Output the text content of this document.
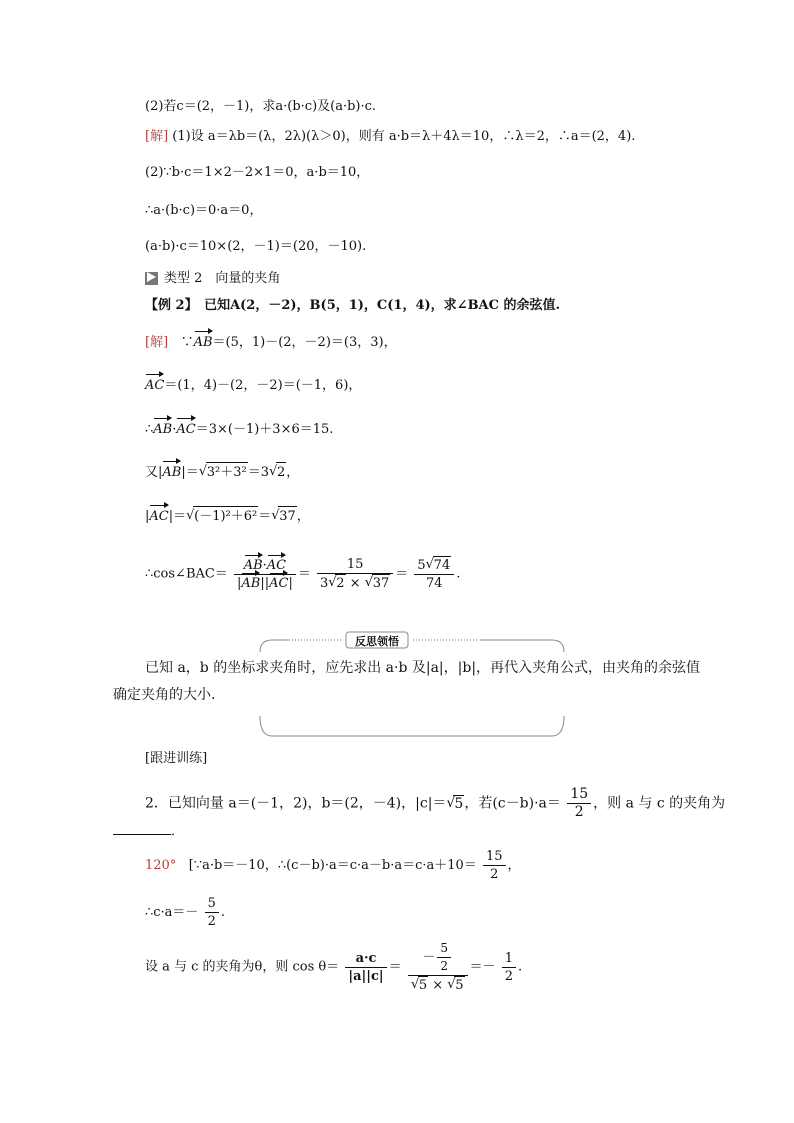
(2)若c＝(2，－1)，求a·(b·c)及(a·b)·c.
[解] (1)设 a＝λb＝(λ，2λ)(λ＞0)，则有 a·b＝λ＋4λ＝10，∴λ＝2，∴a＝(2，4).
(2)∵b·c＝1×2－2×1＝0，a·b＝10，
∴a·(b·c)＝0·a＝0，
(a·b)·c＝10×(2，－1)＝(20，－10).
类型 2　向量的夹角
【例 2】　已知A(2，－2)，B(5，1)，C(1，4)，求∠BAC 的余弦值.
[解] ∵AB＝(5，1)－(2，－2)＝(3，3)，
AC＝(1，4)－(2，－2)＝(－1，6)，
∴AB·AC＝3×(－1)＋3×6＝15.
又|AB|＝ √ 3²＋3²＝3 √ 2，
|AC|＝ √ (－1)²＋6²＝ √ 37，
∴cos∠BAC＝ $\frac{AB\cdot AC}{|AB||AC|} = \frac{15}{3 √ 2 \times √ 37} = \frac{5 √ 74}{74}$ .
反思领悟
已知 a，b 的坐标求夹角时，应先求出 a·b 及|a|，|b|，再代入夹角公式，由夹角的余弦值
确定夹角的大小.
[跟进训练]
2．已知向量 a＝(－1，2)，b＝(2，－4)，|c|＝ √ 5，若$(c-b)\cdot a= \frac{15}{2}$ ，则 a 与 c 的夹角为
．
120° [∵a·b＝－10，∴(c－b)·a＝c·a－b·a＝c·a＋10＝ $\frac{15}{2}$ ，
∴c·a＝－ $\frac{5}{2}$ .
设 a 与 c 的夹角为θ，则 $\cos \theta= \frac{a\cdot c}{|a||c|}$ ＝ － $\frac{5}{2}$
√ 5 × √ $5 =- \frac{1}{2}$ .
